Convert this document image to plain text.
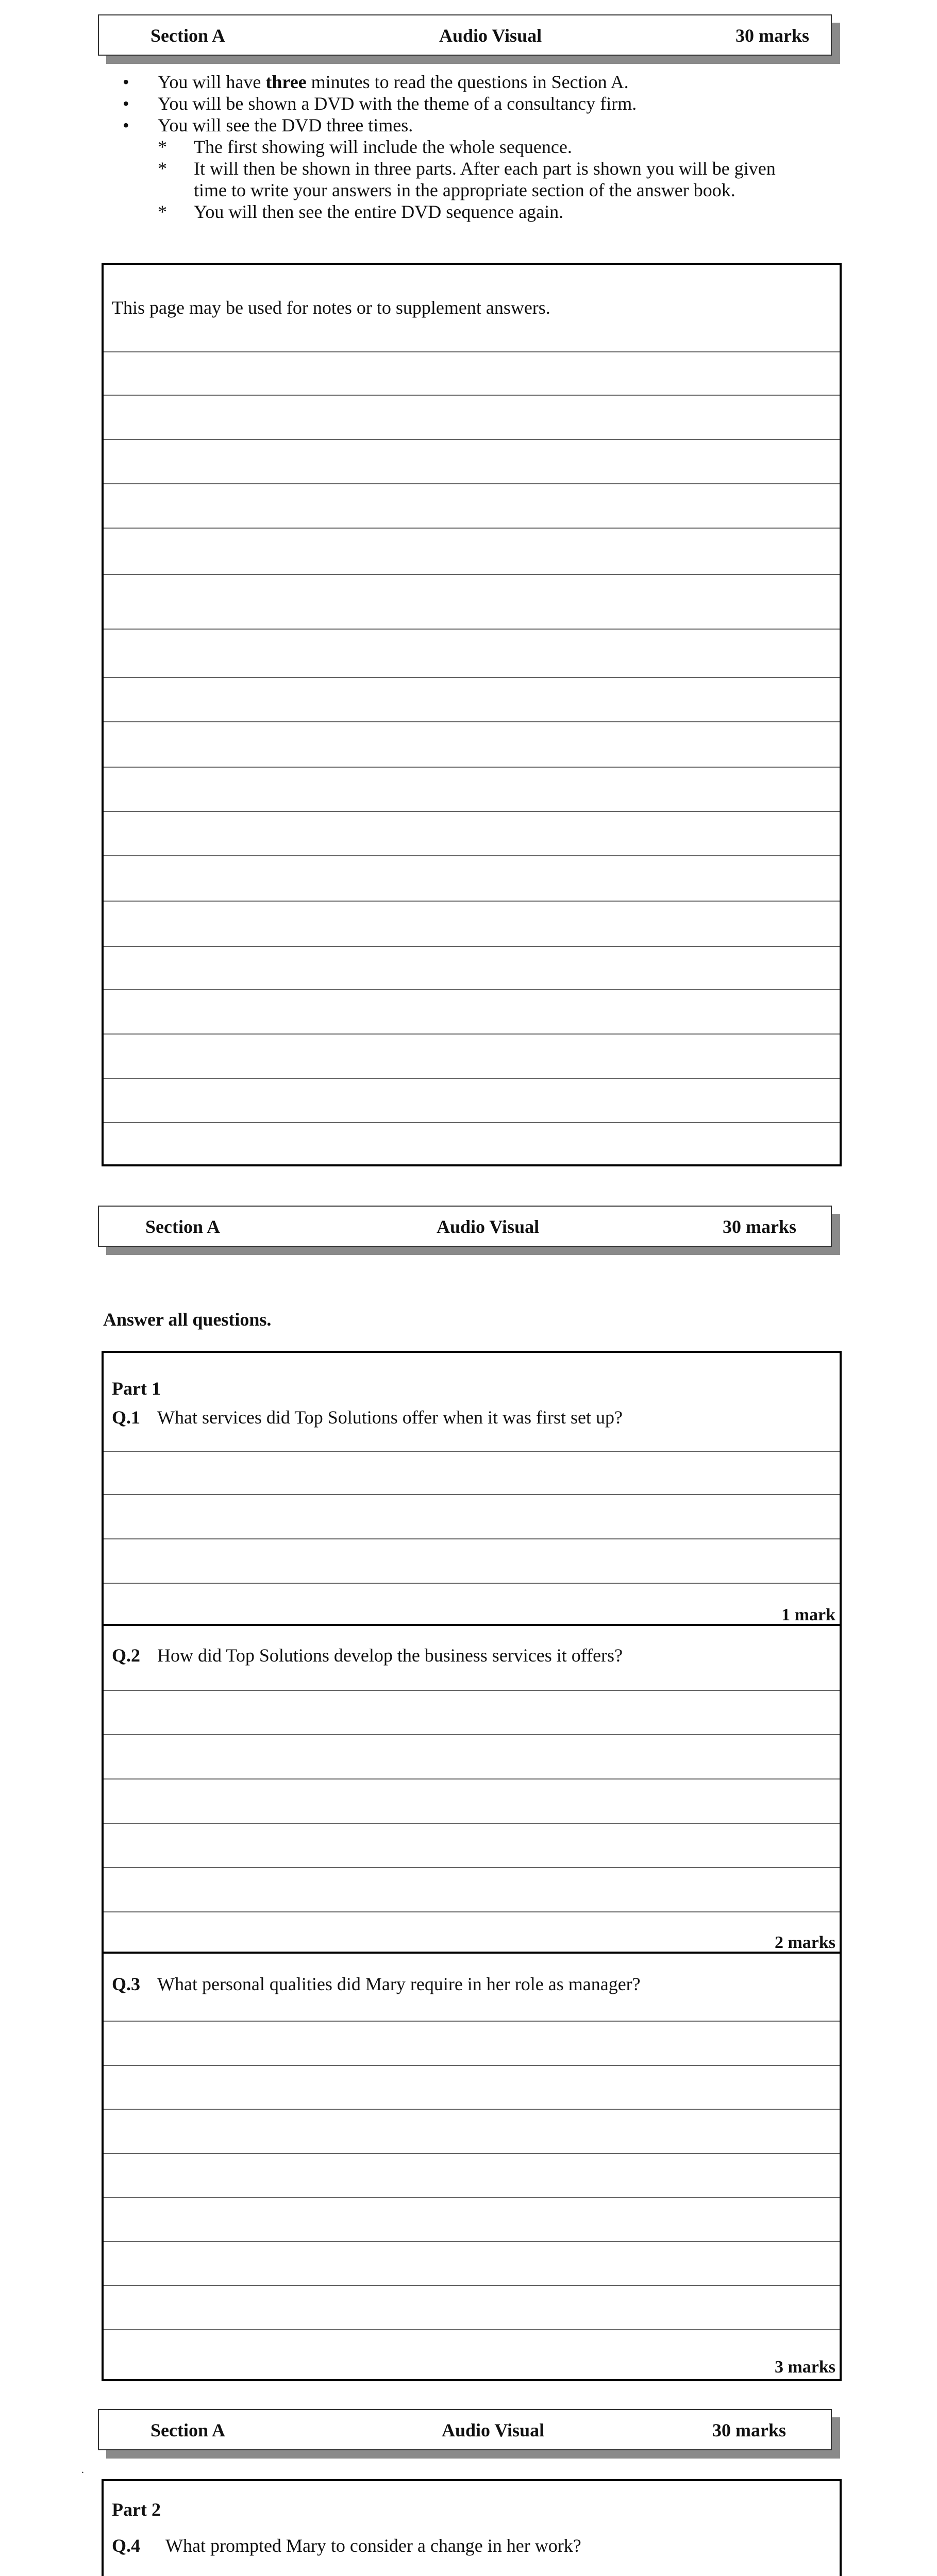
Section A	Audio Visual	30 marks
• You will have three minutes to read the questions in Section A.
• You will be shown a DVD with the theme of a consultancy firm.
• You will see the DVD three times.
* The first showing will include the whole sequence.
* It will then be shown in three parts. After each part is shown you will be given time to write your answers in the appropriate section of the answer book.
* You will then see the entire DVD sequence again.
This page may be used for notes or to supplement answers.
Section A	Audio Visual	30 marks
Answer all questions.
Part 1
Q.1 What services did Top Solutions offer when it was first set up?
1 mark
Q.2 How did Top Solutions develop the business services it offers?
2 marks
Q.3 What personal qualities did Mary require in her role as manager?
3 marks
Section A	Audio Visual	30 marks
.
Part 2
Q.4 What prompted Mary to consider a change in her work?
